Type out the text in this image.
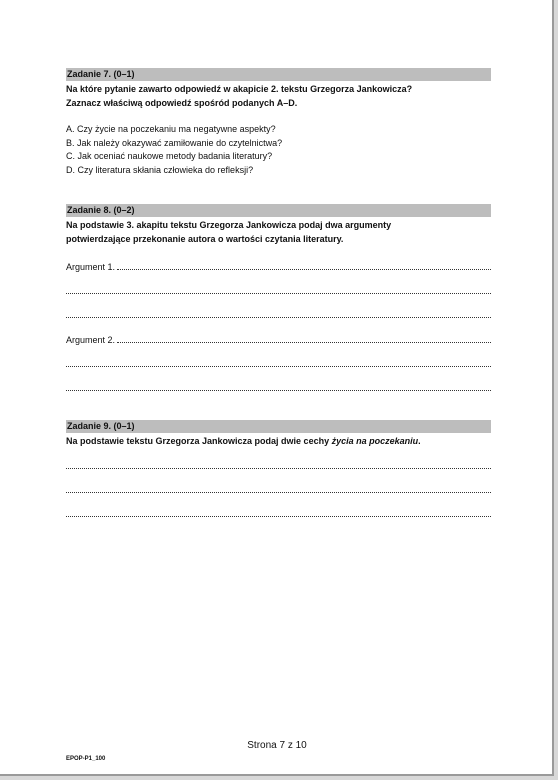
Zadanie 7. (0–1)
Na które pytanie zawarto odpowiedź w akapicie 2. tekstu Grzegorza Jankowicza?
Zaznacz właściwą odpowiedź spośród podanych A–D.
A. Czy życie na poczekaniu ma negatywne aspekty?
B. Jak należy okazywać zamiłowanie do czytelnictwa?
C. Jak oceniać naukowe metody badania literatury?
D. Czy literatura skłania człowieka do refleksji?
Zadanie 8. (0–2)
Na podstawie 3. akapitu tekstu Grzegorza Jankowicza podaj dwa argumenty
potwierdzające przekonanie autora o wartości czytania literatury.
Argument 1.
Argument 2.
Zadanie 9. (0–1)
Na podstawie tekstu Grzegorza Jankowicza podaj dwie cechy życia na poczekaniu.
Strona 7 z 10
EPOP-P1_100
